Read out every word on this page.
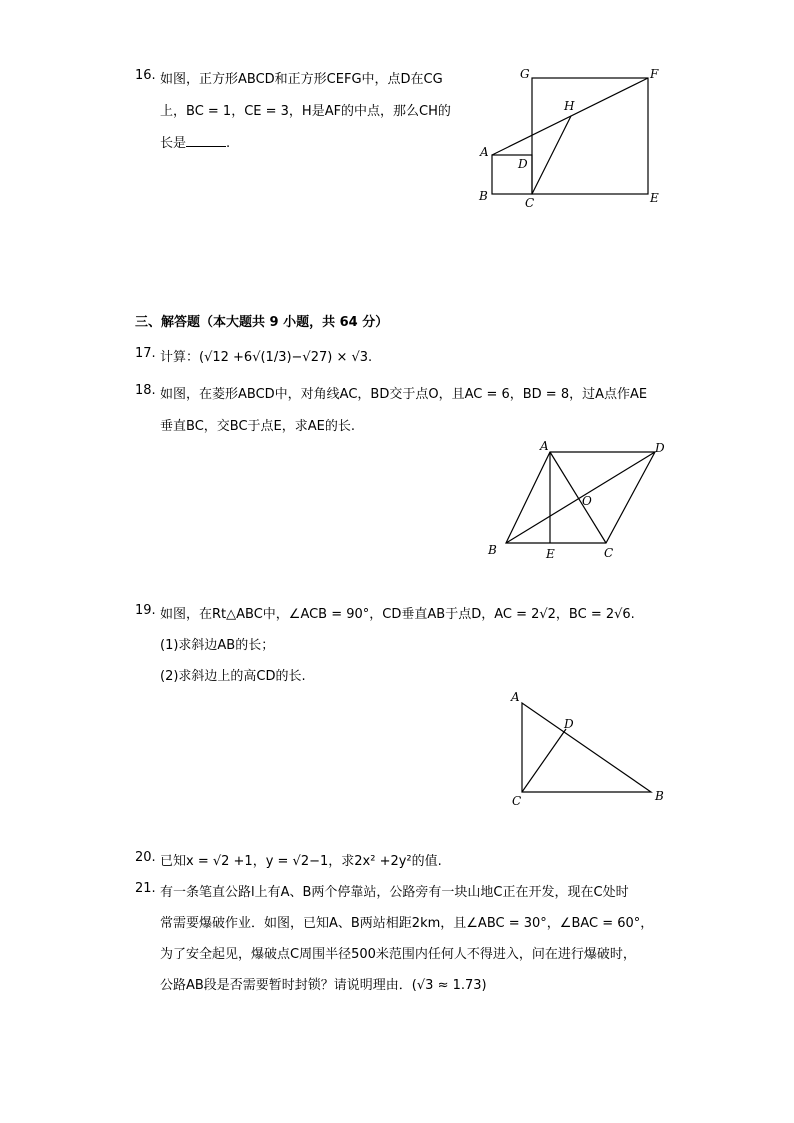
16. 如图，正方形ABCD和正方形CEFG中，点D在CG
上，BC = 1，CE = 3，H是AF的中点，那么CH的
长是	.
G	F
H
A
D
B	C	E
三、解答题（本大题共 9 小题，共 64 分）
17. 计算：(√12 +6√(1/3)−√27) × √3.
18. 如图，在菱形ABCD中，对角线AC，BD交于点O，且AC = 6，BD = 8，过A点作AE
垂直BC，交BC于点E，求AE的长.
A	D
O
B	E	C
19. 如图，在Rt△ABC中，∠ACB = 90°，CD垂直AB于点D，AC = 2√2，BC = 2√6.
(1)求斜边AB的长；
(2)求斜边上的高CD的长.
A
D
C	B
20. 已知x = √2 +1，y = √2−1，求2x² +2y²的值.
21. 有一条笔直公路l上有A、B两个停靠站，公路旁有一块山地C正在开发，现在C处时
常需要爆破作业．如图，已知A、B两站相距2km，且∠ABC = 30°，∠BAC = 60°，
为了安全起见，爆破点C周围半径500米范围内任何人不得进入，问在进行爆破时，
公路AB段是否需要暂时封锁？请说明理由．(√3 ≈ 1.73)
